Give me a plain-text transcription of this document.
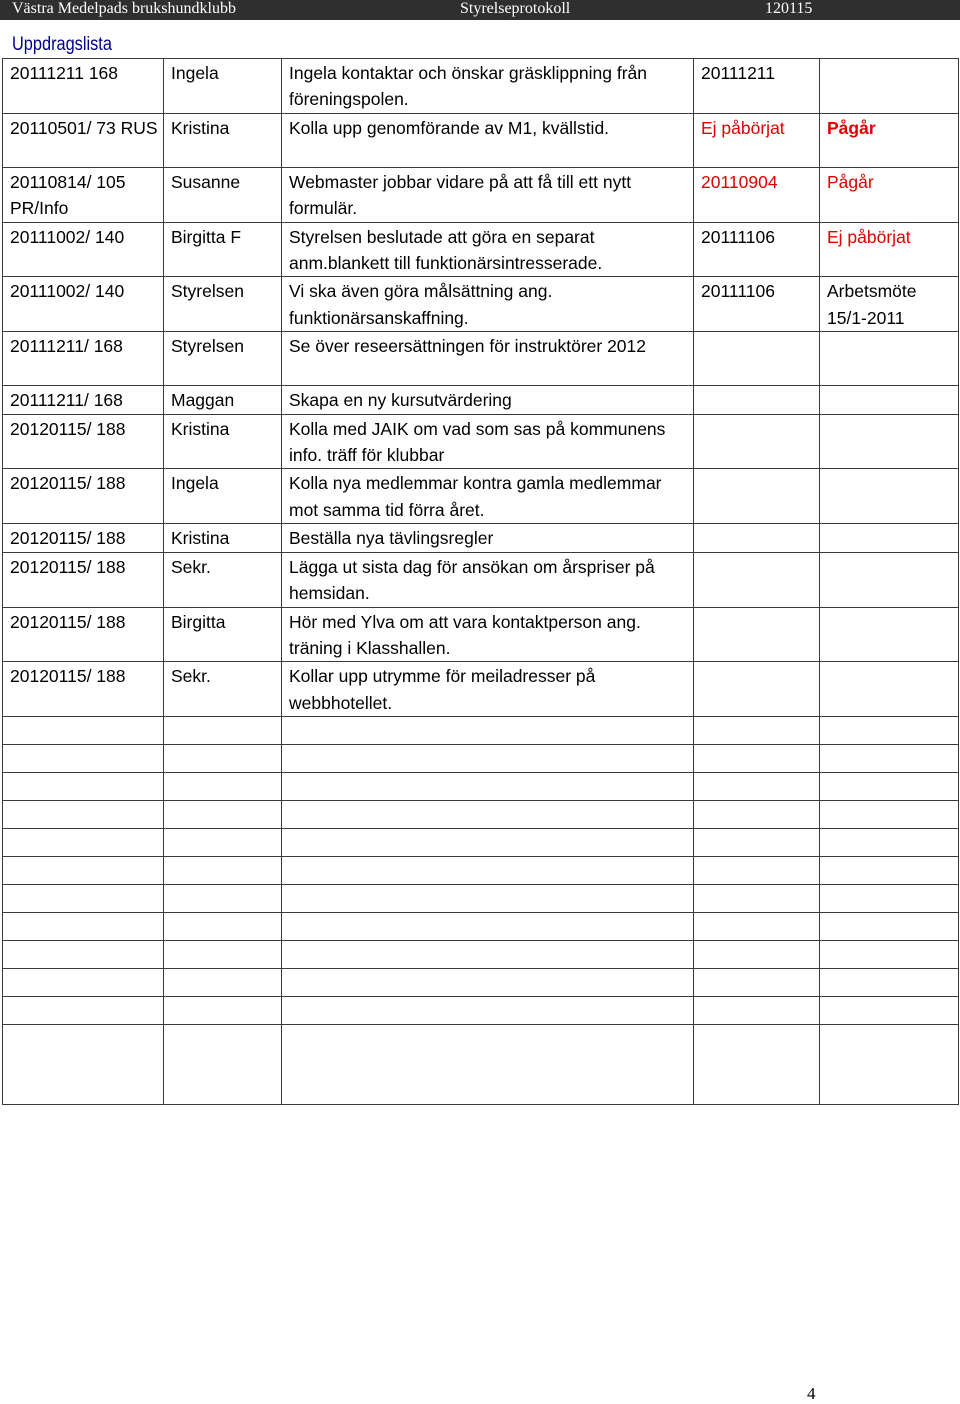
Västra Medelpads brukshundklubb	Styrelseprotokoll	120115
Uppdragslista
20111211 168	Ingela	Ingela kontaktar och önskar gräsklippning från föreningspolen.	20111211	
20110501/ 73 RUS	Kristina	Kolla upp genomförande av M1, kvällstid.	Ej påbörjat	Pågår
20110814/ 105 PR/Info	Susanne	Webmaster jobbar vidare på att få till ett nytt formulär.	20110904	Pågår
20111002/ 140	Birgitta F	Styrelsen beslutade att göra en separat anm.blankett till funktionärsintresserade.	20111106	Ej påbörjat
20111002/ 140	Styrelsen	Vi ska även göra målsättning ang. funktionärsanskaffning.	20111106	Arbetsmöte 15/1-2011
20111211/ 168	Styrelsen	Se över reseersättningen för instruktörer 2012		
20111211/ 168	Maggan	Skapa en ny kursutvärdering		
20120115/ 188	Kristina	Kolla med JAIK om vad som sas på kommunens info. träff för klubbar		
20120115/ 188	Ingela	Kolla nya medlemmar kontra gamla medlemmar mot samma tid förra året.		
20120115/ 188	Kristina	Beställa nya tävlingsregler		
20120115/ 188	Sekr.	Lägga ut sista dag för ansökan om årspriser på hemsidan.		
20120115/ 188	Birgitta	Hör med Ylva om att vara kontaktperson ang. träning i Klasshallen.		
20120115/ 188	Sekr.	Kollar upp utrymme för meiladresser på webbhotellet.		

4
